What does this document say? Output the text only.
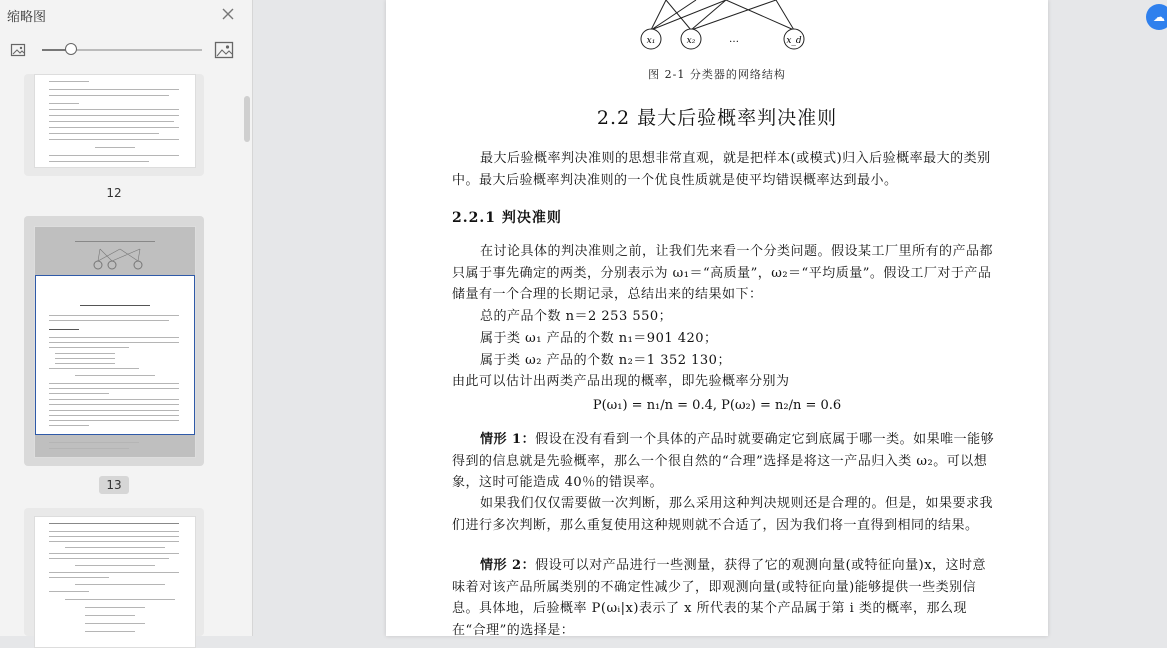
缩略图
12
13
x₁	x₂	…	x_d
图 2-1 分类器的网络结构
2.2 最大后验概率判决准则
最大后验概率判决准则的思想非常直观，就是把样本(或模式)归入后验概率最大的类别中。最大后验概率判决准则的一个优良性质就是使平均错误概率达到最小。
2.2.1 判决准则
在讨论具体的判决准则之前，让我们先来看一个分类问题。假设某工厂里所有的产品都只属于事先确定的两类，分别表示为 ω₁＝“高质量”，ω₂＝“平均质量”。假设工厂对于产品储量有一个合理的长期记录，总结出来的结果如下：
总的产品个数 n＝2 253 550；
属于类 ω₁ 产品的个数 n₁＝901 420；
属于类 ω₂ 产品的个数 n₂＝1 352 130；
由此可以估计出两类产品出现的概率，即先验概率分别为
P(ω₁) = n₁/n = 0.4, P(ω₂) = n₂/n = 0.6
情形 1：假设在没有看到一个具体的产品时就要确定它到底属于哪一类。如果唯一能够得到的信息就是先验概率，那么一个很自然的“合理”选择是将这一产品归入类 ω₂。可以想象，这时可能造成 40％的错误率。
如果我们仅仅需要做一次判断，那么采用这种判决规则还是合理的。但是，如果要求我们进行多次判断，那么重复使用这种规则就不合适了，因为我们将一直得到相同的结果。
情形 2：假设可以对产品进行一些测量，获得了它的观测向量(或特征向量)x，这时意味着对该产品所属类别的不确定性减少了，即观测向量(或特征向量)能够提供一些类别信息。具体地，后验概率 P(ωᵢ|x)表示了 x 所代表的某个产品属于第 i 类的概率，那么现在“合理”的选择是：
☁
